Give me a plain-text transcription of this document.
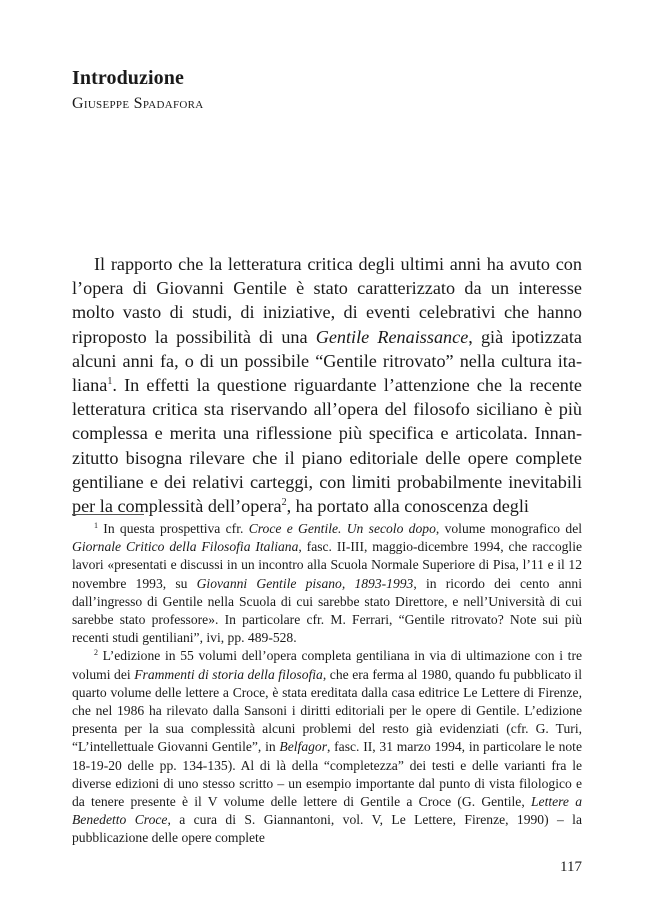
Introduzione

Giuseppe Spadafora

Il rapporto che la letteratura critica degli ultimi anni ha avuto con l’opera di Giovanni Gentile è stato caratterizzato da un interesse molto vasto di studi, di iniziative, di eventi celebrativi che hanno riproposto la possibilità di una Gentile Renaissance, già ipotizzata alcuni anni fa, o di un possibile “Gentile ritrovato” nella cultura italiana$^1$. In effetti la questione riguardante l’attenzione che la recente letteratura critica sta riservando all’opera del filosofo siciliano è più complessa e merita una riflessione più specifica e articolata. Innanzitutto bisogna rilevare che il piano editoriale delle opere complete gentiliane e dei relativi carteggi, con limiti probabilmente inevitabili per la complessità dell’opera$^2$, ha portato alla conoscenza degli

$^1$ In questa prospettiva cfr. Croce e Gentile. Un secolo dopo, volume monografico del Giornale Critico della Filosofia Italiana, fasc. II-III, maggio-dicembre 1994, che raccoglie lavori «presentati e discussi in un incontro alla Scuola Normale Superiore di Pisa, l’11 e il 12 novembre 1993, su Giovanni Gentile pisano, 1893-1993, in ricordo dei cento anni dall’ingresso di Gentile nella Scuola di cui sarebbe stato Direttore, e nell’Università di cui sarebbe stato professore». In particolare cfr. M. Ferrari, “Gentile ritrovato? Note sui più recenti studi gentiliani”, ivi, pp. 489-528.

$^2$ L’edizione in 55 volumi dell’opera completa gentiliana in via di ultimazione con i tre volumi dei Frammenti di storia della filosofia, che era ferma al 1980, quando fu pubblicato il quarto volume delle lettere a Croce, è stata ereditata dalla casa editrice Le Lettere di Firenze, che nel 1986 ha rilevato dalla Sansoni i diritti editoriali per le opere di Gentile. L’edizione presenta per la sua complessità alcuni problemi del resto già evidenziati (cfr. G. Turi, “L’intellettuale Giovanni Gentile”, in Belfagor, fasc. II, 31 marzo 1994, in particolare le note 18-19-20 delle pp. 134-135). Al di là della “completezza” dei testi e delle varianti fra le diverse edizioni di uno stesso scritto – un esempio importante dal punto di vista filologico e da tenere presente è il V volume delle lettere di Gentile a Croce (G. Gentile, Lettere a Benedetto Croce, a cura di S. Giannantoni, vol. V, Le Lettere, Firenze, 1990) – la pubblicazione delle opere complete

117
